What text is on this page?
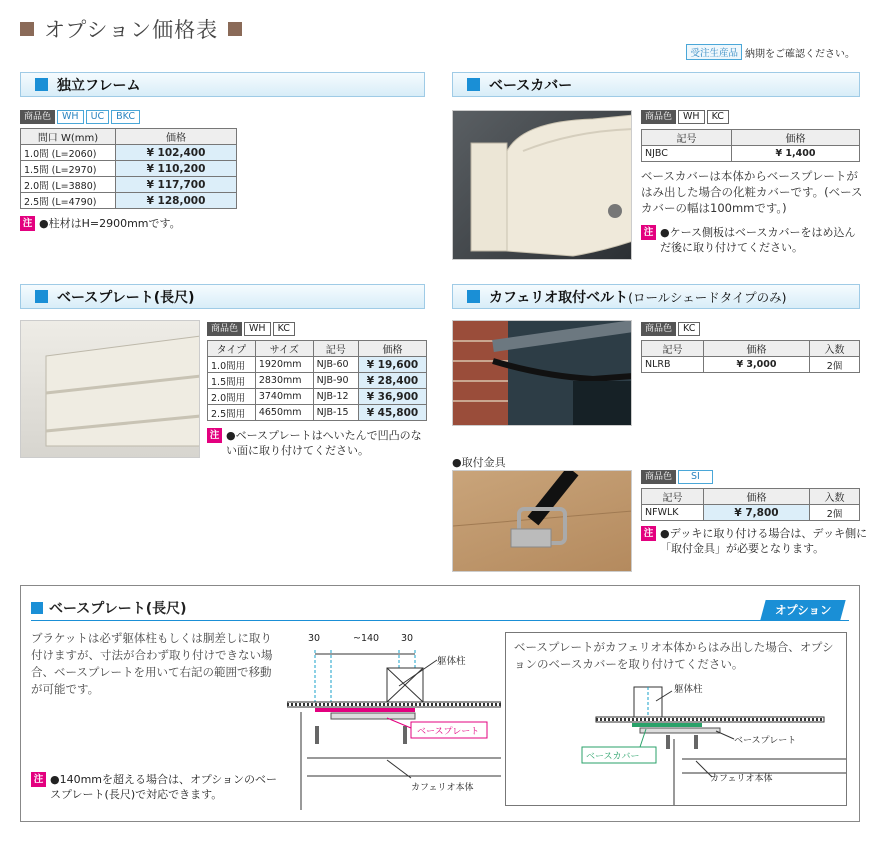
オプション価格表
受注生産品 納期をご確認ください。
独立フレーム
商品色	WH	UC	BKC
間口 W(mm)	価格
1.0間 (L=2060)	¥ 102,400
1.5間 (L=2970)	¥ 110,200
2.0間 (L=3880)	¥ 117,700
2.5間 (L=4790)	¥ 128,000
注 ●柱材はH=2900mmです。
ベースカバー
商品色	WH	KC
記号	価格
NJBC	¥ 1,400
ベースカバーは本体からベースプレートがはみ出した場合の化粧カバーです。(ベースカバーの幅は100mmです。)
注 ●ケース側板はベースカバーをはめ込んだ後に取り付けてください。
ベースプレート(長尺)
商品色	WH	KC
タイプ	サイズ	記号	価格
1.0間用	1920mm	NJB-60	¥ 19,600
1.5間用	2830mm	NJB-90	¥ 28,400
2.0間用	3740mm	NJB-12	¥ 36,900
2.5間用	4650mm	NJB-15	¥ 45,800
注 ●ベースプレートはへいたんで凹凸のない面に取り付けてください。
カフェリオ取付ベルト (ロールシェードタイプのみ)
商品色	KC
記号	価格	入数
NLRB	¥ 3,000	2個
●取付金具
商品色	SI
記号	価格	入数
NFWLK	¥ 7,800	2個
注 ●デッキに取り付ける場合は、デッキ側に「取付金具」が必要となります。
ベースプレート(長尺)	オプション
ブラケットは必ず躯体柱もしくは胴差しに取り付けますが、寸法が合わず取り付けできない場合、ベースプレートを用いて右記の範囲で移動が可能です。
注 ●140mmを超える場合は、オプションのベースプレート(長尺)で対応できます。
30	~140 30
躯体柱
ベースプレート
カフェリオ本体
ベースプレートがカフェリオ本体からはみ出した場合、オプションのベースカバーを取り付けてください。
躯体柱
ベースプレート
ベースカバー
カフェリオ本体
